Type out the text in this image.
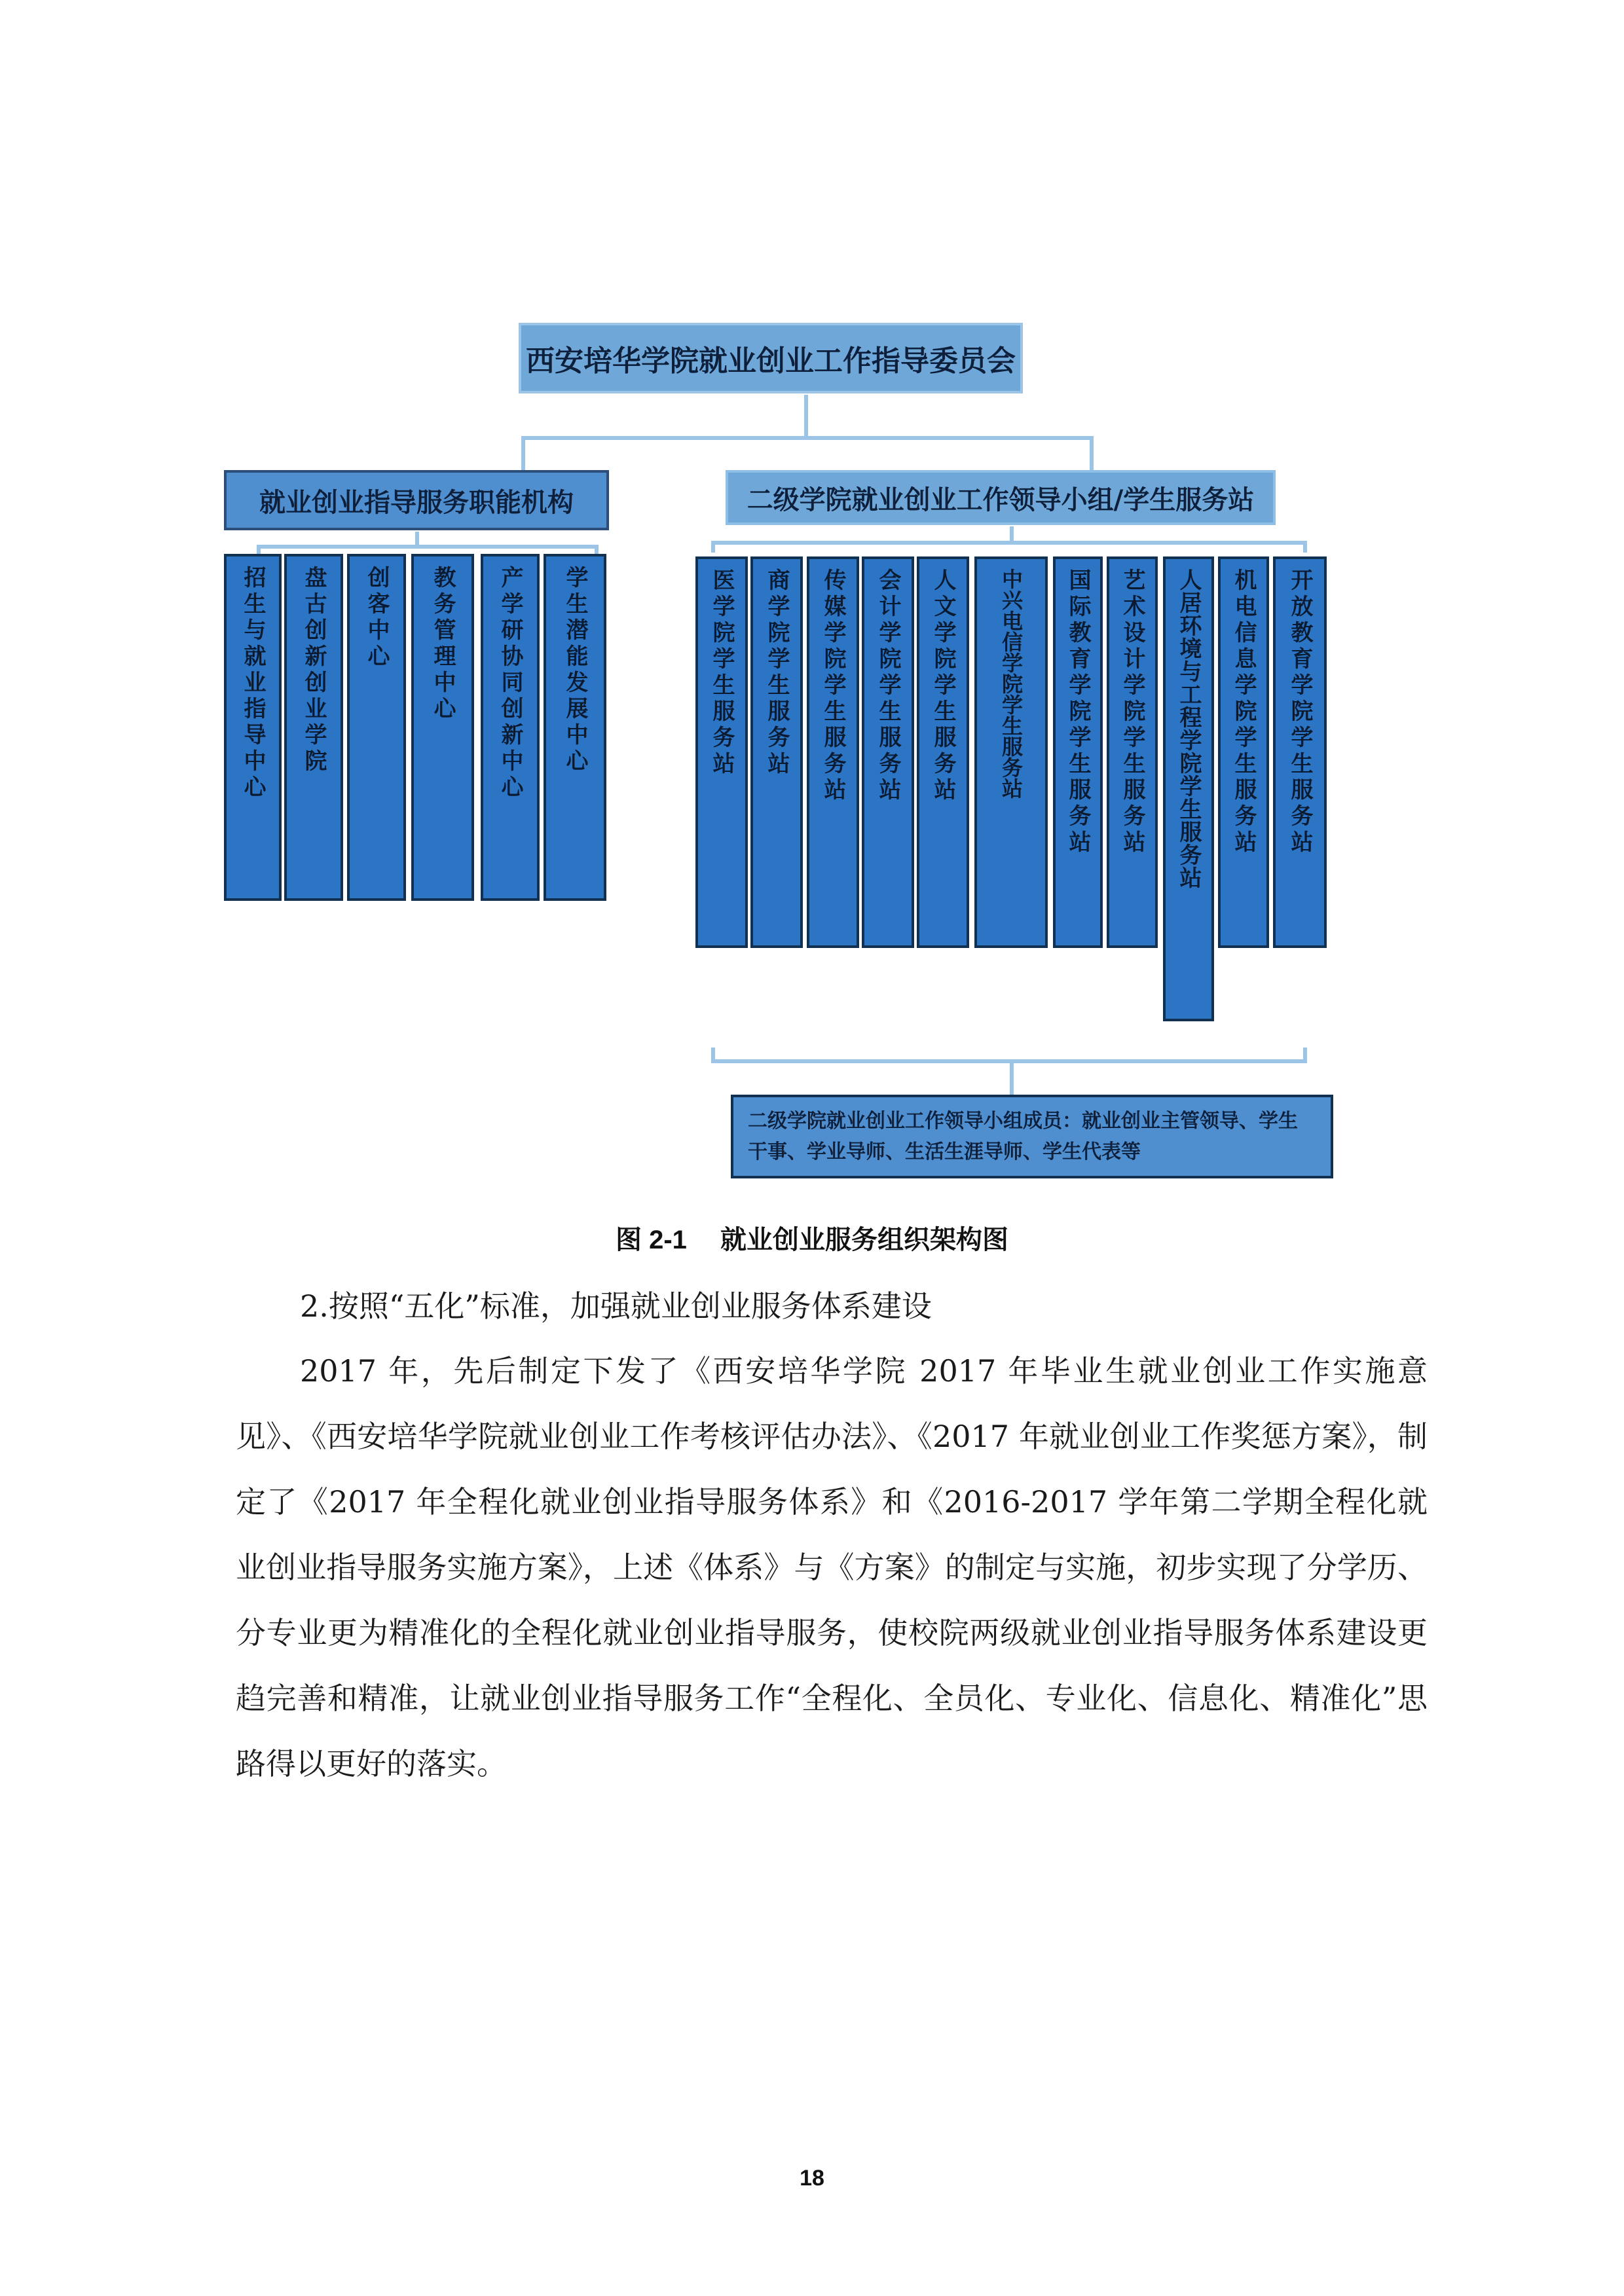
西安培华学院就业创业工作指导委员会
就业创业指导服务职能机构	二级学院就业创业工作领导小组/学生服务站
招生与就业指导中心 盘古创新创业学院 创客中心 教务管理中心 产学研协同创新中心 学生潜能发展中心	医学院学生服务站 商学院学生服务站 传媒学院学生服务站 会计学院学生服务站 人文学院学生服务站 中兴电信学院学生服务站 国际教育学院学生服务站 艺术设计学院学生服务站 人居环境与工程学院学生服务站 机电信息学院学生服务站 开放教育学院学生服务站
二级学院就业创业工作领导小组成员：就业创业主管领导、学生干事、学业导师、生活生涯导师、学生代表等
图 2-1 就业创业服务组织架构图
2.按照“五化”标准，加强就业创业服务体系建设
2017 年，先后制定下发了《西安培华学院 2017 年毕业生就业创业工作实施意见》、《西安培华学院就业创业工作考核评估办法》、《2017 年就业创业工作奖惩方案》，制定了《2017 年全程化就业创业指导服务体系》和《2016-2017 学年第二学期全程化就业创业指导服务实施方案》，上述《体系》与《方案》的制定与实施，初步实现了分学历、分专业更为精准化的全程化就业创业指导服务，使校院两级就业创业指导服务体系建设更趋完善和精准，让就业创业指导服务工作“全程化、全员化、专业化、信息化、精准化”思路得以更好的落实。
18
